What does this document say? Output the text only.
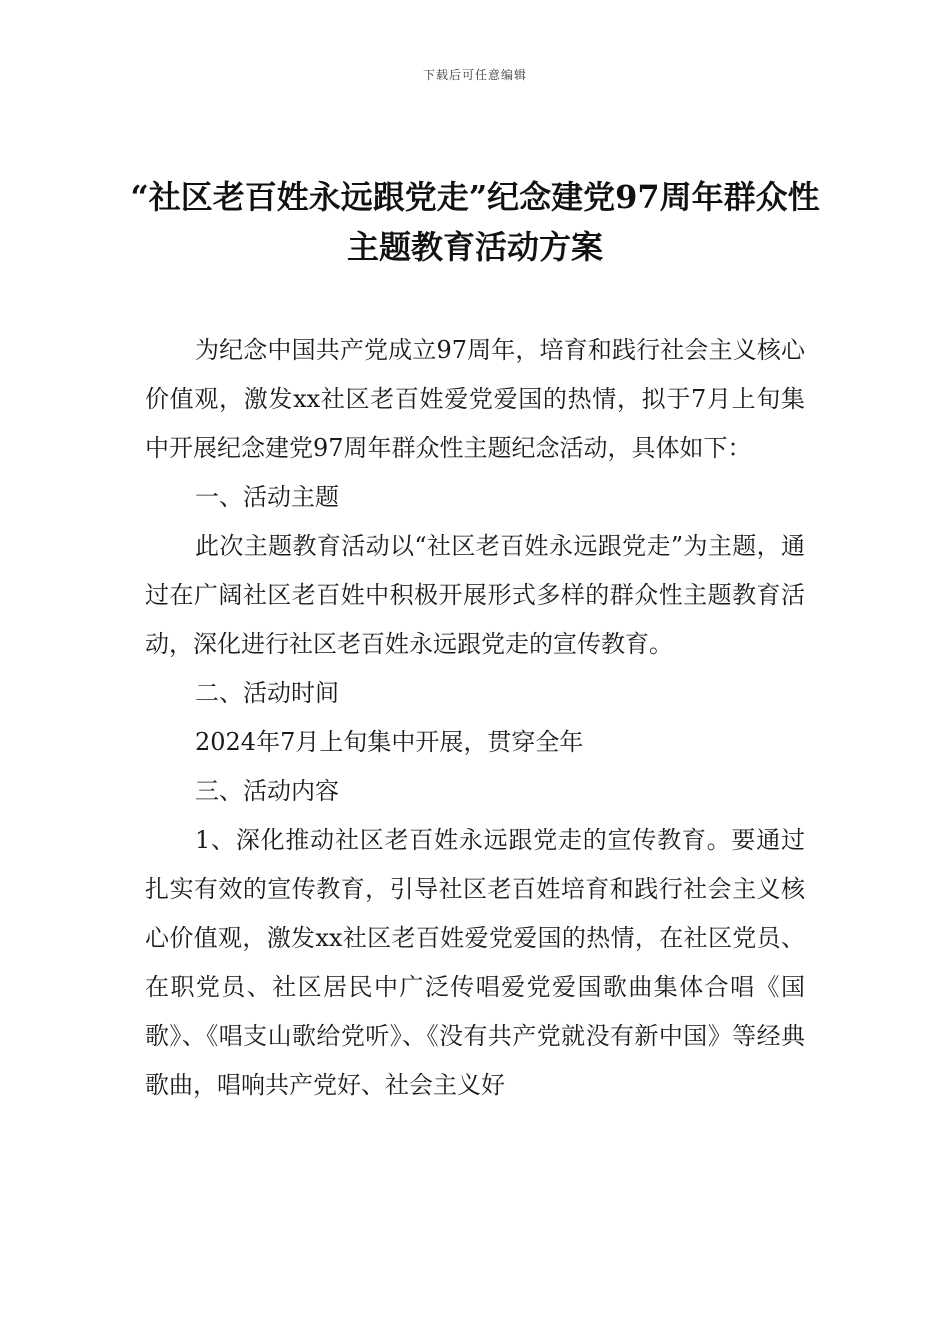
下载后可任意编辑
“社区老百姓永远跟党走”纪念建党97周年群众性主题教育活动方案

为纪念中国共产党成立97周年，培育和践行社会主义核心价值观，激发xx社区老百姓爱党爱国的热情，拟于7月上旬集中开展纪念建党97周年群众性主题纪念活动，具体如下：

一、活动主题

此次主题教育活动以“社区老百姓永远跟党走”为主题，通过在广阔社区老百姓中积极开展形式多样的群众性主题教育活动，深化进行社区老百姓永远跟党走的宣传教育。

二、活动时间

2024年7月上旬集中开展，贯穿全年

三、活动内容

1、深化推动社区老百姓永远跟党走的宣传教育。要通过扎实有效的宣传教育，引导社区老百姓培育和践行社会主义核心价值观，激发xx社区老百姓爱党爱国的热情，在社区党员、在职党员、社区居民中广泛传唱爱党爱国歌曲集体合唱《国歌》、《唱支山歌给党听》、《没有共产党就没有新中国》等经典歌曲，唱响共产党好、社会主义好
